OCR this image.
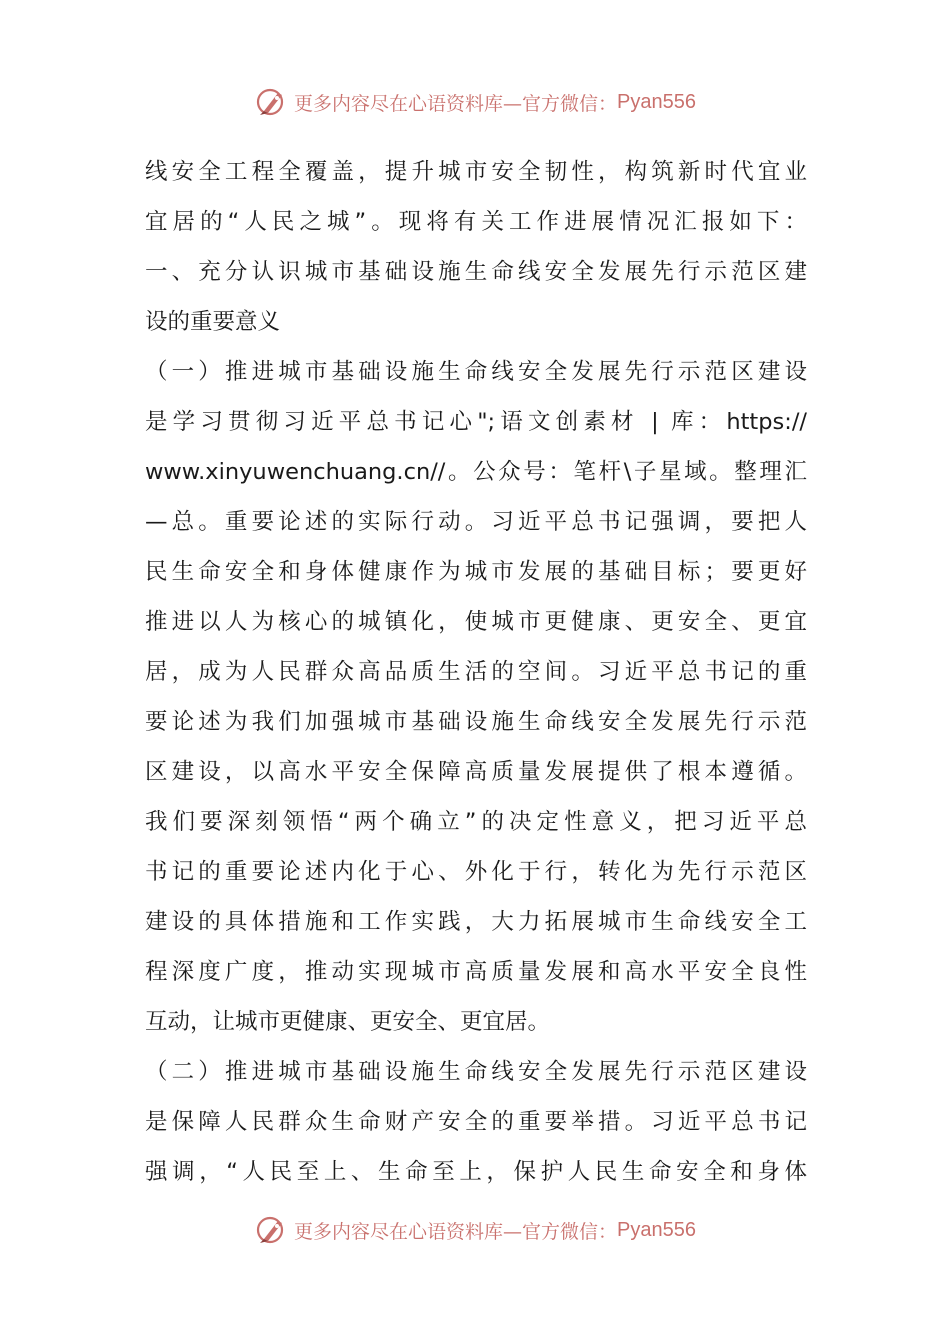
更多内容尽在心语资料库—官方微信： Pyan556
线安全工程全覆盖，提升城市安全韧性，构筑新时代宜业
宜居的“人民之城”。现将有关工作进展情况汇报如下：
一、充分认识城市基础设施生命线安全发展先行示范区建
设的重要意义
（一）推进城市基础设施生命线安全发展先行示范区建设
是学习贯彻习近平总书记心";语文创素材 | 库：https://
www.xinyuwenchuang.cn//。公众号：笔杆\子星域。整理汇
—总。重要论述的实际行动。习近平总书记强调，要把人
民生命安全和身体健康作为城市发展的基础目标；要更好
推进以人为核心的城镇化，使城市更健康、更安全、更宜
居，成为人民群众高品质生活的空间。习近平总书记的重
要论述为我们加强城市基础设施生命线安全发展先行示范
区建设，以高水平安全保障高质量发展提供了根本遵循。
我们要深刻领悟“两个确立”的决定性意义，把习近平总
书记的重要论述内化于心、外化于行，转化为先行示范区
建设的具体措施和工作实践，大力拓展城市生命线安全工
程深度广度，推动实现城市高质量发展和高水平安全良性
互动，让城市更健康、更安全、更宜居。
（二）推进城市基础设施生命线安全发展先行示范区建设
是保障人民群众生命财产安全的重要举措。习近平总书记
强调，“人民至上、生命至上，保护人民生命安全和身体
更多内容尽在心语资料库—官方微信： Pyan556
